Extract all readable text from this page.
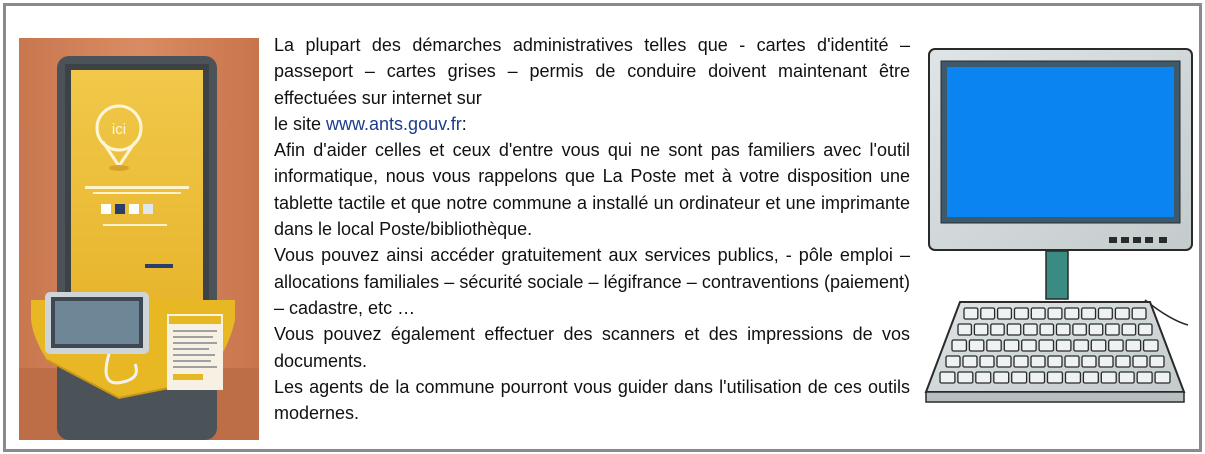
ici

La plupart des démarches administratives telles que - cartes d'identité – passeport – cartes grises – permis de conduire doivent maintenant être effectuées sur internet sur

le site www.ants.gouv.fr:

Afin d'aider celles et ceux d'entre vous qui ne sont pas familiers avec l'outil informatique, nous vous rappelons que La Poste met à votre disposition une tablette tactile et que notre commune a installé un ordinateur et une imprimante dans le local Poste/bibliothèque.

Vous pouvez ainsi accéder gratuitement aux services publics, - pôle emploi – allocations familiales – sécurité sociale – légifrance – contraventions (paiement) – cadastre, etc …

Vous pouvez également effectuer des scanners et des impressions de vos documents.

Les agents de la commune pourront vous guider dans l'utilisation de ces outils modernes.
